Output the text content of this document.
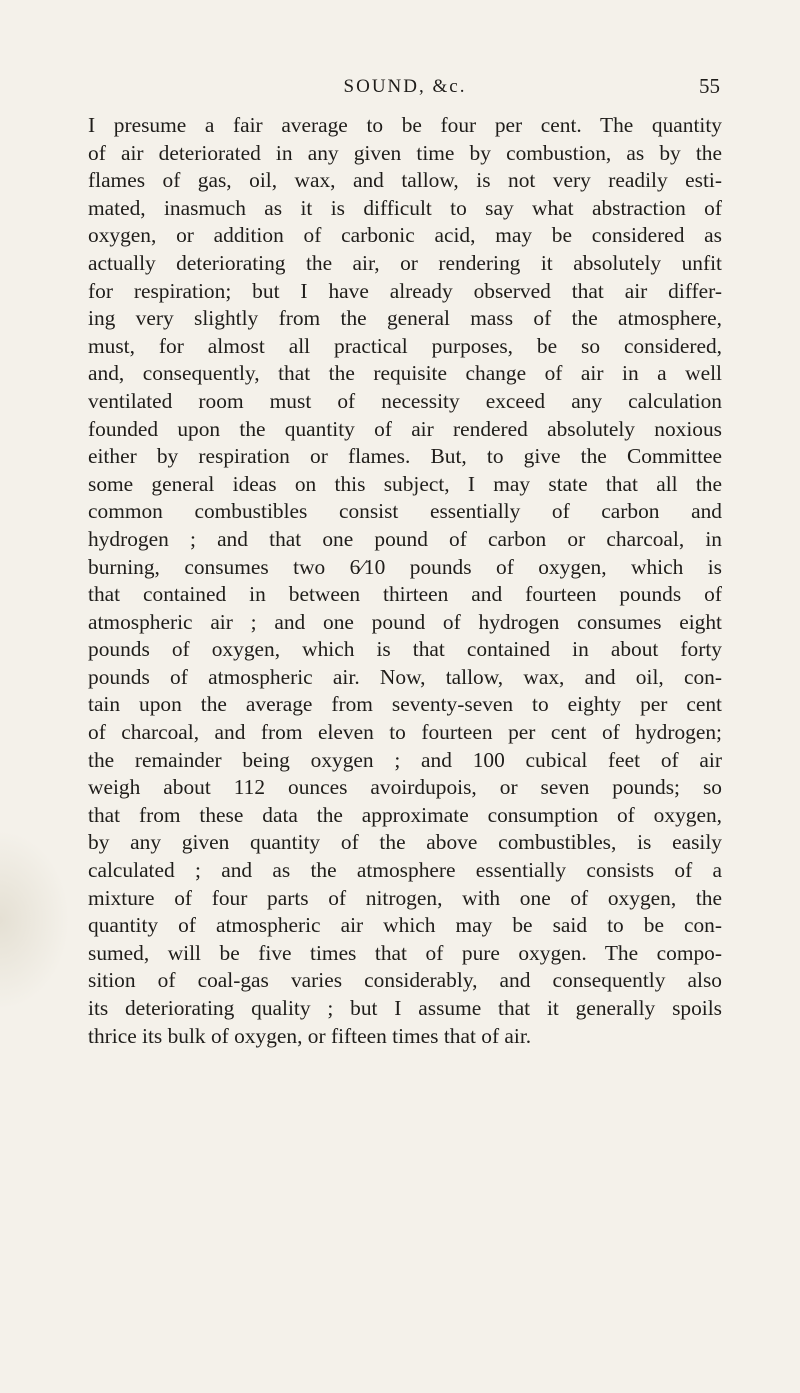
SOUND, &c.	55
I presume a fair average to be four per cent. The quantity
of air deteriorated in any given time by combustion, as by the
flames of gas, oil, wax, and tallow, is not very readily esti-
mated, inasmuch as it is difficult to say what abstraction of
oxygen, or addition of carbonic acid, may be considered as
actually deteriorating the air, or rendering it absolutely unfit
for respiration; but I have already observed that air differ-
ing very slightly from the general mass of the atmosphere,
must, for almost all practical purposes, be so considered,
and, consequently, that the requisite change of air in a well
ventilated room must of necessity exceed any calculation
founded upon the quantity of air rendered absolutely noxious
either by respiration or flames. But, to give the Committee
some general ideas on this subject, I may state that all the
common combustibles consist essentially of carbon and
hydrogen ; and that one pound of carbon or charcoal, in
burning, consumes two 6⁄10 pounds of oxygen, which is
that contained in between thirteen and fourteen pounds of
atmospheric air ; and one pound of hydrogen consumes eight
pounds of oxygen, which is that contained in about forty
pounds of atmospheric air. Now, tallow, wax, and oil, con-
tain upon the average from seventy-seven to eighty per cent
of charcoal, and from eleven to fourteen per cent of hydrogen;
the remainder being oxygen ; and 100 cubical feet of air
weigh about 112 ounces avoirdupois, or seven pounds; so
that from these data the approximate consumption of oxygen,
by any given quantity of the above combustibles, is easily
calculated ; and as the atmosphere essentially consists of a
mixture of four parts of nitrogen, with one of oxygen, the
quantity of atmospheric air which may be said to be con-
sumed, will be five times that of pure oxygen. The compo-
sition of coal-gas varies considerably, and consequently also
its deteriorating quality ; but I assume that it generally spoils
thrice its bulk of oxygen, or fifteen times that of air.
